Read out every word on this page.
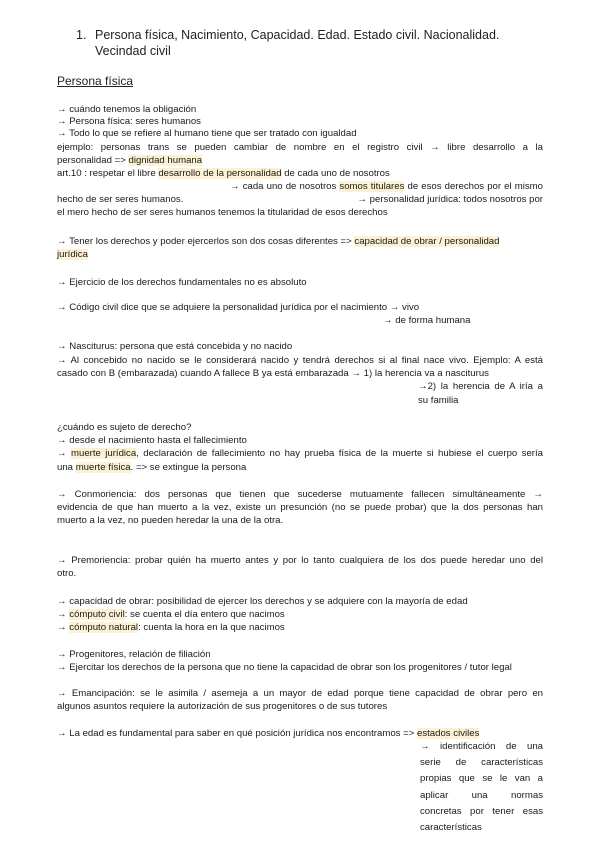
1. Persona física, Nacimiento, Capacidad. Edad. Estado civil. Nacionalidad. Vecindad civil
Persona física
→ cuándo tenemos la obligación
→ Persona física: seres humanos
→ Todo lo que se refiere al humano tiene que ser tratado con igualdad
ejemplo: personas trans se pueden cambiar de nombre en el registro civil → libre desarrollo a la
personalidad => dignidad humana
art.10 : respetar el libre desarrollo de la personalidad de cada uno de nosotros
→ cada uno de nosotros somos titulares de esos derechos por el mismo
hecho de ser seres humanos.	→ personalidad jurídica: todos nosotros por
el mero hecho de ser seres humanos tenemos la titularidad de esos derechos
→ Tener los derechos y poder ejercerlos son dos cosas diferentes => capacidad de obrar / personalidad
jurídica
→ Ejercicio de los derechos fundamentales no es absoluto
→ Código civil dice que se adquiere la personalidad jurídica por el nacimiento → vivo
→ de forma humana
→ Nasciturus: persona que está concebida y no nacido
→ Al concebido no nacido se le considerará nacido y tendrá derechos si al final nace vivo. Ejemplo: A está
casado con B (embarazada) cuando A fallece B ya está embarazada → 1) la herencia va a nasciturus
→2) la herencia de A iría a
su familia
¿cuándo es sujeto de derecho?
→ desde el nacimiento hasta el fallecimiento
→ muerte jurídica, declaración de fallecimiento no hay prueba física de la muerte si hubiese el cuerpo sería
una muerte física. => se extingue la persona
→ Conmoriencia: dos personas que tienen que sucederse mutuamente fallecen simultáneamente →
evidencia de que han muerto a la vez, existe un presunción (no se puede probar) que la dos personas han
muerto a la vez, no pueden heredar la una de la otra.
→ Premoriencia: probar quién ha muerto antes y por lo tanto cualquiera de los dos puede heredar uno del
otro.
→ capacidad de obrar: posibilidad de ejercer los derechos y se adquiere con la mayoría de edad
→ cómputo civil: se cuenta el día entero que nacimos
→ cómputo natural: cuenta la hora en la que nacimos
→ Progenitores, relación de filiación
→ Ejercitar los derechos de la persona que no tiene la capacidad de obrar son los progenitores / tutor legal
→ Emancipación: se le asimila / asemeja a un mayor de edad porque tiene capacidad de obrar pero en
algunos asuntos requiere la autorización de sus progenitores o de sus tutores
→ La edad es fundamental para saber en qué posición jurídica nos encontramos => estados civiles
→ identificación de una
serie de características
propias que se le van a
aplicar una normas
concretas por tener esas
características
